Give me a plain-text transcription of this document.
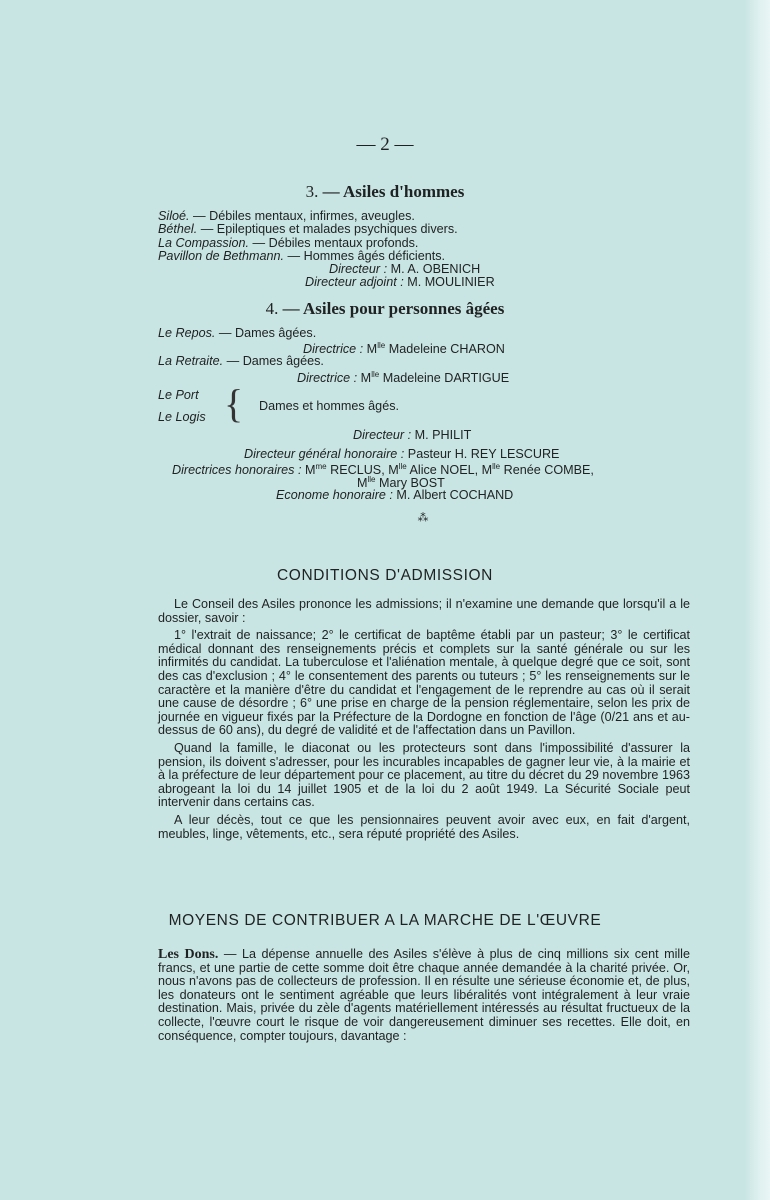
— 2 —
3. — Asiles d'hommes
Siloé. — Débiles mentaux, infirmes, aveugles.
Béthel. — Epileptiques et malades psychiques divers.
La Compassion. — Débiles mentaux profonds.
Pavillon de Bethmann. — Hommes âgés déficients.
Directeur : M. A. OBENICH
Directeur adjoint : M. MOULINIER
4. — Asiles pour personnes âgées
Le Repos. — Dames âgées.
Directrice : $M^{lle}$ Madeleine CHARON
La Retraite. — Dames âgées.
Directrice : $M^{lle}$ Madeleine DARTIGUE
Le Port
Le Logis { Dames et hommes âgés.
Directeur : M. PHILIT
Directeur général honoraire : Pasteur H. REY LESCURE
Directrices honoraires : $M^{me}$ RECLUS, $M^{lle}$ Alice NOEL, $M^{lle}$ Renée COMBE,
$M^{lle}$ Mary BOST
Econome honoraire : M. Albert COCHAND
⁂
CONDITIONS D'ADMISSION

Le Conseil des Asiles prononce les admissions; il n'examine une demande que lorsqu'il a le dossier, savoir :

1° l'extrait de naissance; 2° le certificat de baptême établi par un pasteur; 3° le certificat médical donnant des renseignements précis et complets sur la santé générale ou sur les infirmités du candidat. La tuberculose et l'aliénation mentale, à quelque degré que ce soit, sont des cas d'exclusion ; 4° le consentement des parents ou tuteurs ; 5° les renseignements sur le caractère et la manière d'être du candidat et l'engagement de le reprendre au cas où il serait une cause de désordre ; 6° une prise en charge de la pension réglementaire, selon les prix de journée en vigueur fixés par la Préfecture de la Dordogne en fonction de l'âge (0/21 ans et au-dessus de 60 ans), du degré de validité et de l'affectation dans un Pavillon.

Quand la famille, le diaconat ou les protecteurs sont dans l'impossibilité d'assurer la pension, ils doivent s'adresser, pour les incurables incapables de gagner leur vie, à la mairie et à la préfecture de leur département pour ce placement, au titre du décret du 29 novembre 1963 abrogeant la loi du 14 juillet 1905 et de la loi du 2 août 1949. La Sécurité Sociale peut intervenir dans certains cas.

A leur décès, tout ce que les pensionnaires peuvent avoir avec eux, en fait d'argent, meubles, linge, vêtements, etc., sera réputé propriété des Asiles.

MOYENS DE CONTRIBUER A LA MARCHE DE L'ŒUVRE

Les Dons. — La dépense annuelle des Asiles s'élève à plus de cinq millions six cent mille francs, et une partie de cette somme doit être chaque année demandée à la charité privée. Or, nous n'avons pas de collecteurs de profession. Il en résulte une sérieuse économie et, de plus, les donateurs ont le sentiment agréable que leurs libéralités vont intégralement à leur vraie destination. Mais, privée du zèle d'agents matériellement intéressés au résultat fructueux de la collecte, l'œuvre court le risque de voir dangereusement diminuer ses recettes. Elle doit, en conséquence, compter toujours, davantage :
